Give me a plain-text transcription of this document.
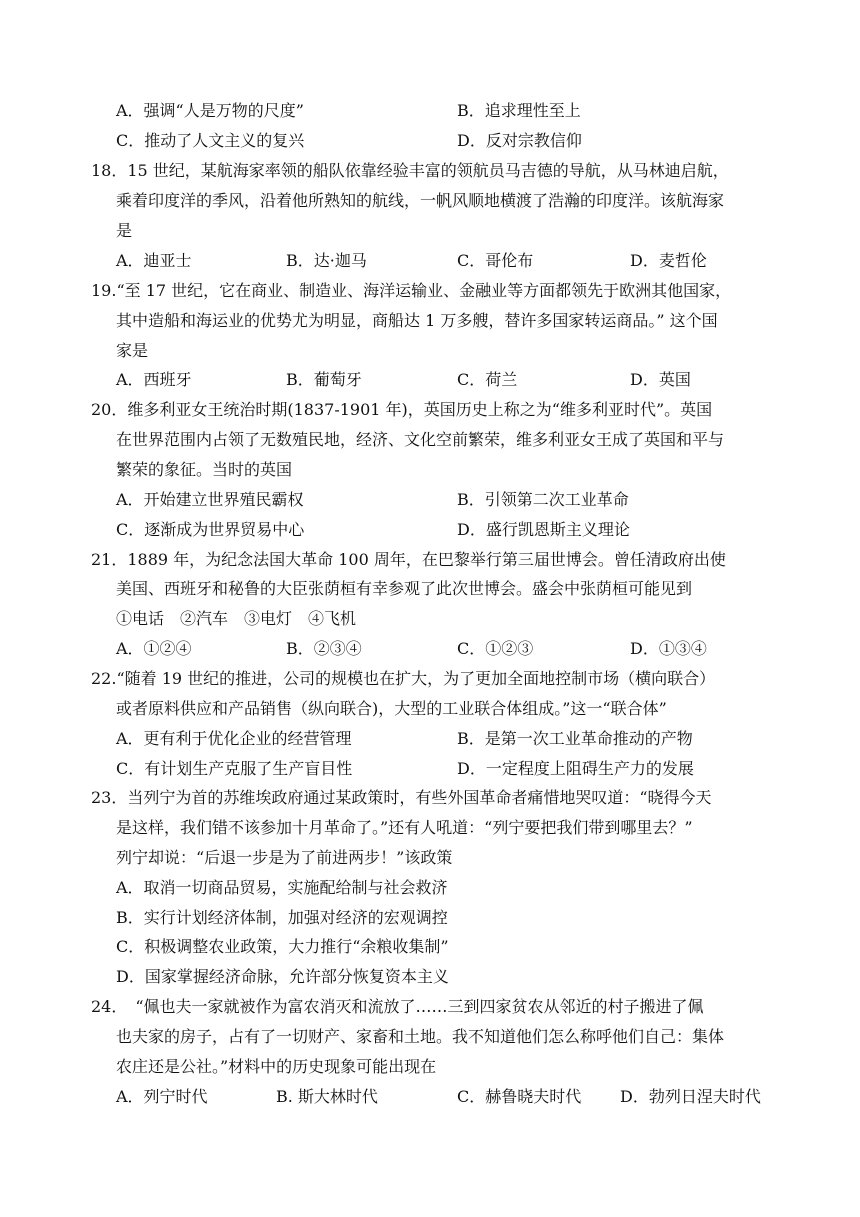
A．强调“人是万物的尺度”	B．追求理性至上
C．推动了人文主义的复兴	D．反对宗教信仰
18．15 世纪，某航海家率领的船队依靠经验丰富的领航员马吉德的导航，从马林迪启航，
乘着印度洋的季风，沿着他所熟知的航线，一帆风顺地横渡了浩瀚的印度洋。该航海家
是
A．迪亚士	B．达·迦马	C．哥伦布	D．麦哲伦
19.“至 17 世纪，它在商业、制造业、海洋运输业、金融业等方面都领先于欧洲其他国家，
其中造船和海运业的优势尤为明显，商船达 1 万多艘，替许多国家转运商品。” 这个国
家是
A．西班牙	B．葡萄牙	C．荷兰	D．英国
20．维多利亚女王统治时期(1837-1901 年)，英国历史上称之为“维多利亚时代”。英国
在世界范围内占领了无数殖民地，经济、文化空前繁荣，维多利亚女王成了英国和平与
繁荣的象征。当时的英国
A．开始建立世界殖民霸权	B．引领第二次工业革命
C．逐渐成为世界贸易中心	D．盛行凯恩斯主义理论
21．1889 年，为纪念法国大革命 100 周年，在巴黎举行第三届世博会。曾任清政府出使
美国、西班牙和秘鲁的大臣张荫桓有幸参观了此次世博会。盛会中张荫桓可能见到
①电话　②汽车　③电灯　④飞机
A．①②④	B．②③④	C．①②③	D．①③④
22.“随着 19 世纪的推进，公司的规模也在扩大，为了更加全面地控制市场（横向联合）
或者原料供应和产品销售（纵向联合)，大型的工业联合体组成。”这一“联合体”
A．更有利于优化企业的经营管理	B．是第一次工业革命推动的产物
C．有计划生产克服了生产盲目性	D．一定程度上阻碍生产力的发展
23．当列宁为首的苏维埃政府通过某政策时，有些外国革命者痛惜地哭叹道：“晓得今天
是这样，我们错不该参加十月革命了。”还有人吼道：“列宁要把我们带到哪里去？”
列宁却说：“后退一步是为了前进两步！”该政策
A．取消一切商品贸易，实施配给制与社会救济
B．实行计划经济体制，加强对经济的宏观调控
C．积极调整农业政策，大力推行“余粮收集制”
D．国家掌握经济命脉，允许部分恢复资本主义
24．　“佩也夫一家就被作为富农消灭和流放了……三到四家贫农从邻近的村子搬进了佩
也夫家的房子，占有了一切财产、家畜和土地。我不知道他们怎么称呼他们自己：集体
农庄还是公社。”材料中的历史现象可能出现在
A．列宁时代	B. 斯大林时代	C．赫鲁晓夫时代 D．勃列日涅夫时代
